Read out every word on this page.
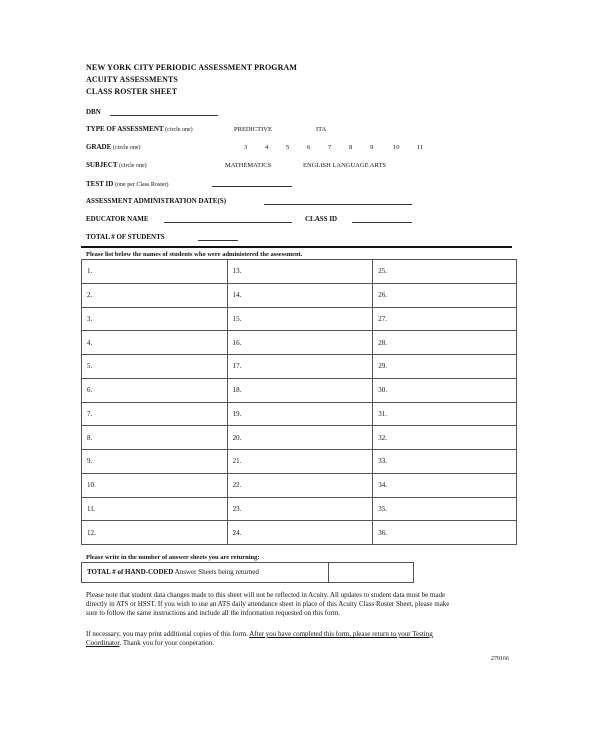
NEW YORK CITY PERIODIC ASSESSMENT PROGRAM
ACUITY ASSESSMENTS
CLASS ROSTER SHEET
DBN
TYPE OF ASSESSMENT (circle one)	PREDICTIVE	ITA
GRADE (circle one)	3	4	5	6	7	8	9	10	11
SUBJECT (circle one)	MATHEMATICS	ENGLISH LANGUAGE ARTS
TEST ID (one per Class Roster)
ASSESSMENT ADMINISTRATION DATE(S)
EDUCATOR NAME	CLASS ID
TOTAL # OF STUDENTS
Please list below the names of students who were administered the assessment.
1.	13.	25.
2.	14.	26.
3.	15.	27.
4.	16.	28.
5.	17.	29.
6.	18.	30.
7.	19.	31.
8.	20.	32.
9.	21.	33.
10.	22.	34.
11.	23.	35.
12.	24.	36.
Please write in the number of answer sheets you are returning:
TOTAL # of HAND-CODED Answer Sheets being returned
Please note that student data changes made to this sheet will not be reflected in Acuity. All updates to student data must be made
directly in ATS or HSST. If you wish to use an ATS daily attendance sheet in place of this Acuity Class Roster Sheet, please make
sure to follow the same instructions and include all the information requested on this form.
If necessary, you may print additional copies of this form. After you have completed this form, please return to your Testing
Coordinator. Thank you for your cooperation.
270166
